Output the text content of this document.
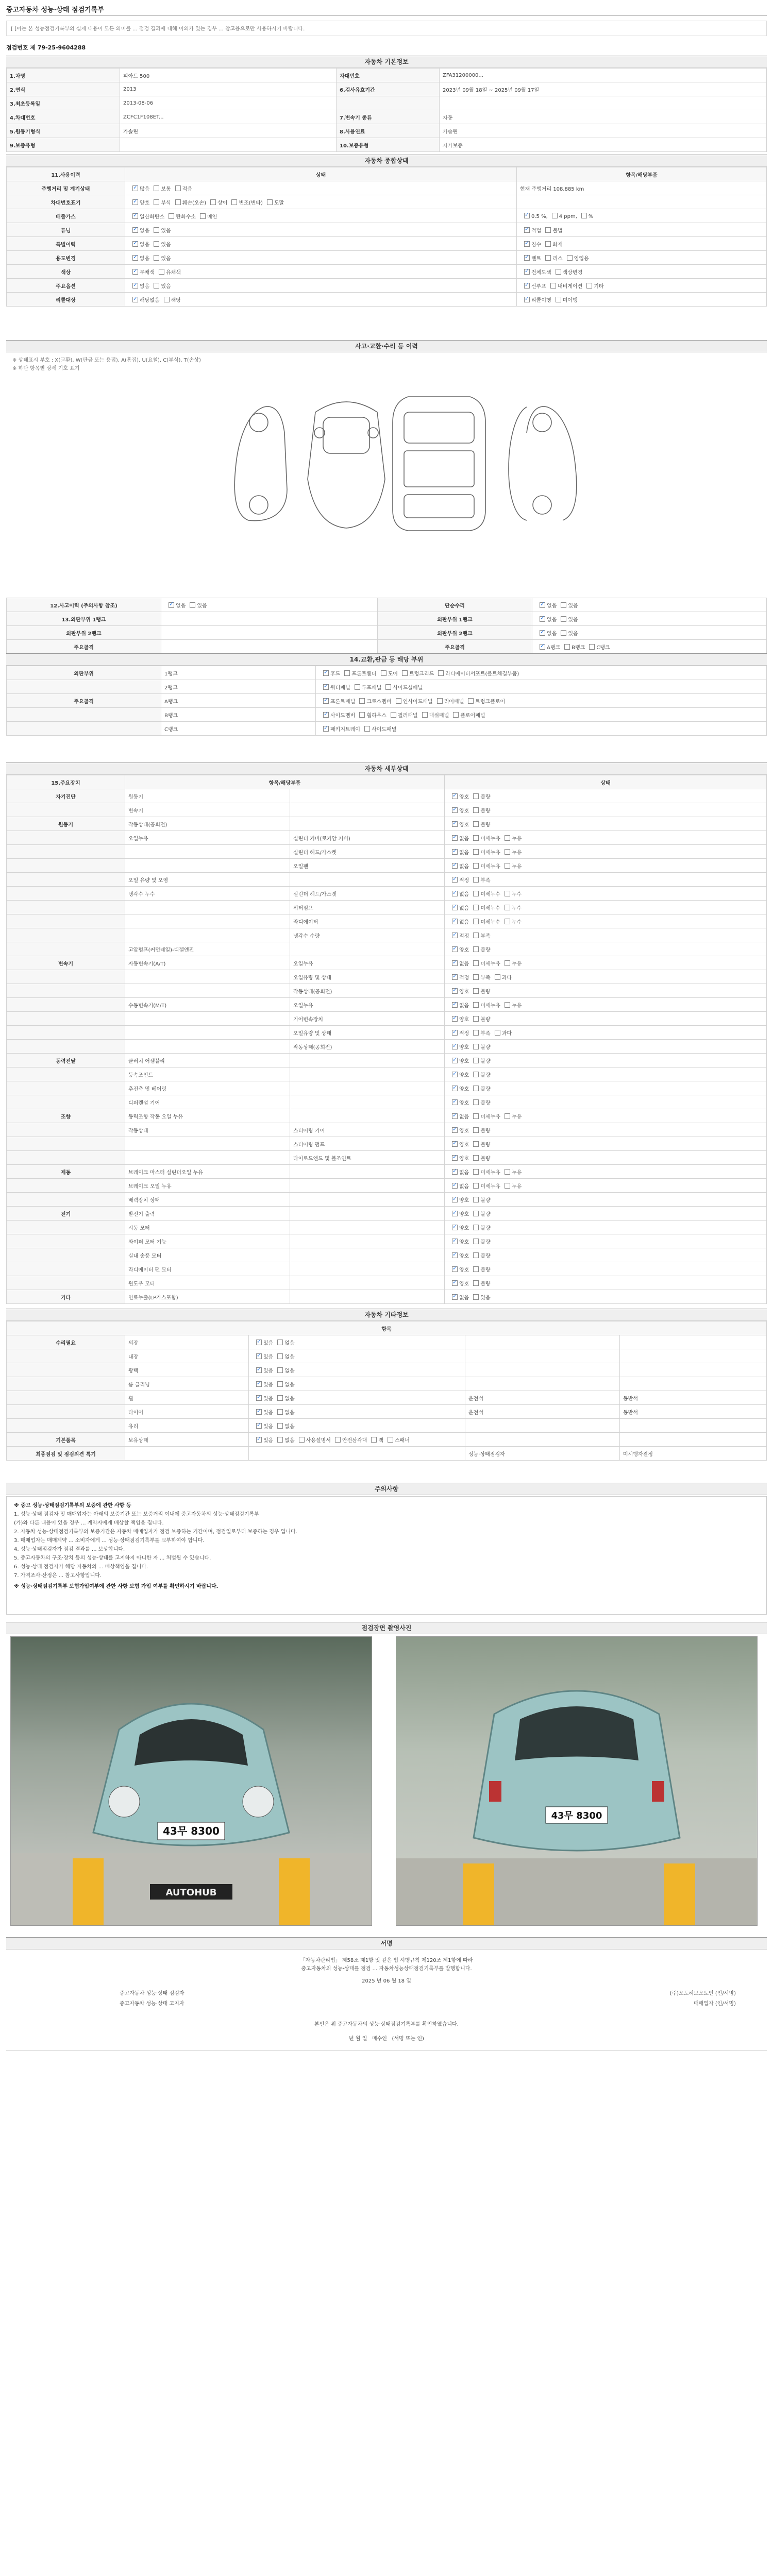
중고자동차 성능·상태 점검기록부
[ ]이는 본 성능점검기록부의 실제 내용이 모든 의미를 ... 점검 결과에 대해 이의가 있는 경우 ... 참고용으로만 사용하시기 바랍니다.
점검번호 제 79-25-9604288
자동차 기본정보
1.차명	피아트 500	차대번호	ZFA31200000...
2.연식	2013	6.검사유효기간	2023년 09월 18일 ~ 2025년 09월 17일
3.최초등록일	2013-08-06		
4.차대번호	ZCFC1F108ET...	7.변속기 종류	자동
5.원동기형식	가솔린	8.사용연료	가솔린
9.보증유형		10.보증유형	자가보증
자동차 종합상태
11.사용이력	상태	항목/해당부품
주행거리 및 계기상태	✓많음 보통 적음	현재 주행거리 108,885 km
차대번호표기	✓양호 부식 훼손(오손) 상이 변조(변타) 도말	
배출가스	✓일산화탄소 탄화수소 매연	✓0.5 %, 4 ppm, %
튜닝	✓없음 있음	✓적법 불법
특별이력	✓없음 있음	✓침수 화재
용도변경	✓없음 있음	✓렌트 리스 영업용
색상	✓무채색 유채색	✓전체도색 색상변경
주요옵션	✓없음 있음	✓선루프 내비게이션 기타
리콜대상	✓해당없음 해당	✓리콜이행 미이행
사고·교환·수리 등 이력
※ 상태표시 부호 : X(교환), W(판금 또는 용접), A(흠집), U(요철), C(부식), T(손상)
※ 하단 항목별 상세 기호 표기
12.사고이력 (주의사항 참조)	✓없음 있음	단순수리	✓없음 있음
13.외판부위 1랭크		외판부위 1랭크	✓없음 있음
외판부위 2랭크		외판부위 2랭크	✓없음 있음
주요골격		주요골격	✓A랭크 B랭크 C랭크
14.교환,판금 등 해당 부위
외판부위	1랭크	✓후드 프론트휀더 도어 트렁크리드 라디에이터서포트(볼트체결부품)
	2랭크	✓쿼터패널 루프패널 사이드실패널
주요골격	A랭크	✓프론트패널 크로스멤버 인사이드패널 리어패널 트렁크플로어
	B랭크	✓사이드멤버 휠하우스 필러패널 대쉬패널 플로어패널
	C랭크	✓패키지트레이 사이드패널
자동차 세부상태
15.주요장치	항목/해당부품		상태
자기진단	원동기		✓양호 불량
	변속기		✓양호 불량
원동기	작동상태(공회전)		✓양호 불량
	오일누유	실린더 커버(로커암 커버)	✓없음 미세누유 누유
		실린더 헤드/가스켓	✓없음 미세누유 누유
		오일팬	✓없음 미세누유 누유
	오일 유량 및 오염		✓적정 부족
	냉각수 누수	실린더 헤드/가스켓	✓없음 미세누수 누수
		워터펌프	✓없음 미세누수 누수
		라디에이터	✓없음 미세누수 누수
		냉각수 수량	✓적정 부족
	고압펌프(커먼레일)-디젤엔진		✓양호 불량
변속기	자동변속기(A/T)	오일누유	✓없음 미세누유 누유
		오일유량 및 상태	✓적정 부족 과다
		작동상태(공회전)	✓양호 불량
	수동변속기(M/T)	오일누유	✓없음 미세누유 누유
		기어변속장치	✓양호 불량
		오일유량 및 상태	✓적정 부족 과다
		작동상태(공회전)	✓양호 불량
동력전달	클러치 어셈블리		✓양호 불량
	등속조인트		✓양호 불량
	추진축 및 베어링		✓양호 불량
	디퍼렌셜 기어		✓양호 불량
조향	동력조향 작동 오일 누유		✓없음 미세누유 누유
	작동상태	스티어링 기어	✓양호 불량
		스티어링 펌프	✓양호 불량
		타이로드엔드 및 볼조인트	✓양호 불량
제동	브레이크 마스터 실린더오일 누유		✓없음 미세누유 누유
	브레이크 오일 누유		✓없음 미세누유 누유
	배력장치 상태		✓양호 불량
전기	발전기 출력		✓양호 불량
	시동 모터		✓양호 불량
	와이퍼 모터 기능		✓양호 불량
	실내 송풍 모터		✓양호 불량
	라디에이터 팬 모터		✓양호 불량
	윈도우 모터		✓양호 불량
기타	연료누출(LP가스포함)		✓없음 있음
자동차 기타정보
항목				
수리필요	외장	✓있음 없음		
	내장	✓있음 없음		
	광택	✓있음 없음		
	룸 클리닝	✓있음 없음		
	휠	✓있음 없음	운전석	동반석
	타이어	✓있음 없음	운전석	동반석
	유리	✓있음 없음		
기본품목	보유상태	✓있음 없음 사용설명서 안전삼각대 잭 스패너		
최종점검 및 점검의견 특기			성능·상태점검자	미시행자결정
주의사항

※ 중고 성능·상태점검기록부의 보증에 관한 사항 등

1. 성능·상태 점검자 및 매매업자는 아래의 보증기간 또는 보증거리 이내에 중고자동차의 성능·상태점검기록부

(가)와 다른 내용이 있을 경우 ... 계약자에게 배상할 책임을 집니다.

2. 자동차 성능·상태점검기록부의 보증기간은 자동차 매매업자가 점검 보증하는 기간이며, 점검일로부터 보증하는 경우 입니다.

3. 매매업자는 매매계약 ... 소비자에게 ... 성능·상태점검기록부를 교부하여야 합니다.

4. 성능·상태점검자가 점검 결과를 ... 보상합니다.

5. 중고자동차의 구조·장치 등의 성능·상태를 고지하지 아니한 자 ... 처벌될 수 있습니다.

6. 성능·상태 점검자가 해당 자동차의 ... 배상책임을 집니다.

7. 가격조사·산정은 ... 참고사항입니다.

※ 성능·상태점검기록부 보험가입여부에 관한 사항 보험 가입 여부를 확인하시기 바랍니다.

점검장면 촬영사진
43무 8300
AUTOHUB
43무 8300
서명
「자동차관리법」 제58조 제1항 및 같은 법 시행규칙 제120조 제1항에 따라
중고자동차의 성능·상태를 점검 ... 자동차성능상태점검기록부를 발행합니다.
2025 년 06 월 18 일
중고자동차 성능·상태 점검자	(주)오토허브오토인 (인/서명)
중고자동차 성능·상태 고지자	매매업자 (인/서명)
본인은 위 중고자동차의 성능·상태점검기록부를 확인하였습니다.
년 월 일 매수인 (서명 또는 인)
